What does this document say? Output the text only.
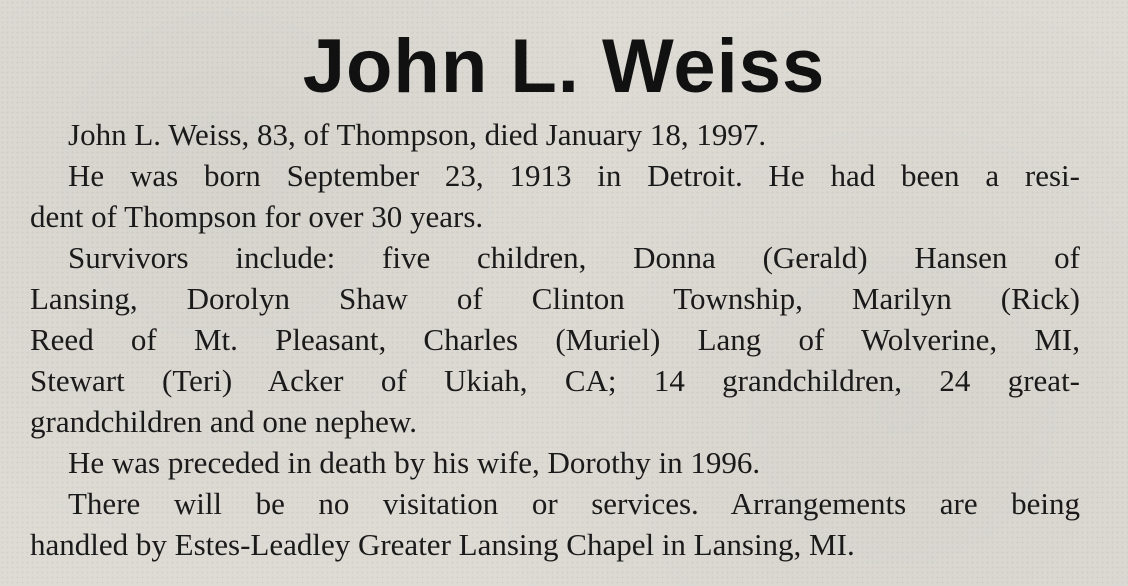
John L. Weiss

John L. Weiss, 83, of Thompson, died January 18, 1997.

He was born September 23, 1913 in Detroit. He had been a resi-
dent of Thompson for over 30 years.

Survivors include: five children, Donna (Gerald) Hansen of
Lansing, Dorolyn Shaw of Clinton Township, Marilyn (Rick)
Reed of Mt. Pleasant, Charles (Muriel) Lang of Wolverine, MI,
Stewart (Teri) Acker of Ukiah, CA; 14 grandchildren, 24 great-
grandchildren and one nephew.

He was preceded in death by his wife, Dorothy in 1996.

There will be no visitation or services. Arrangements are being
handled by Estes-Leadley Greater Lansing Chapel in Lansing, MI.
